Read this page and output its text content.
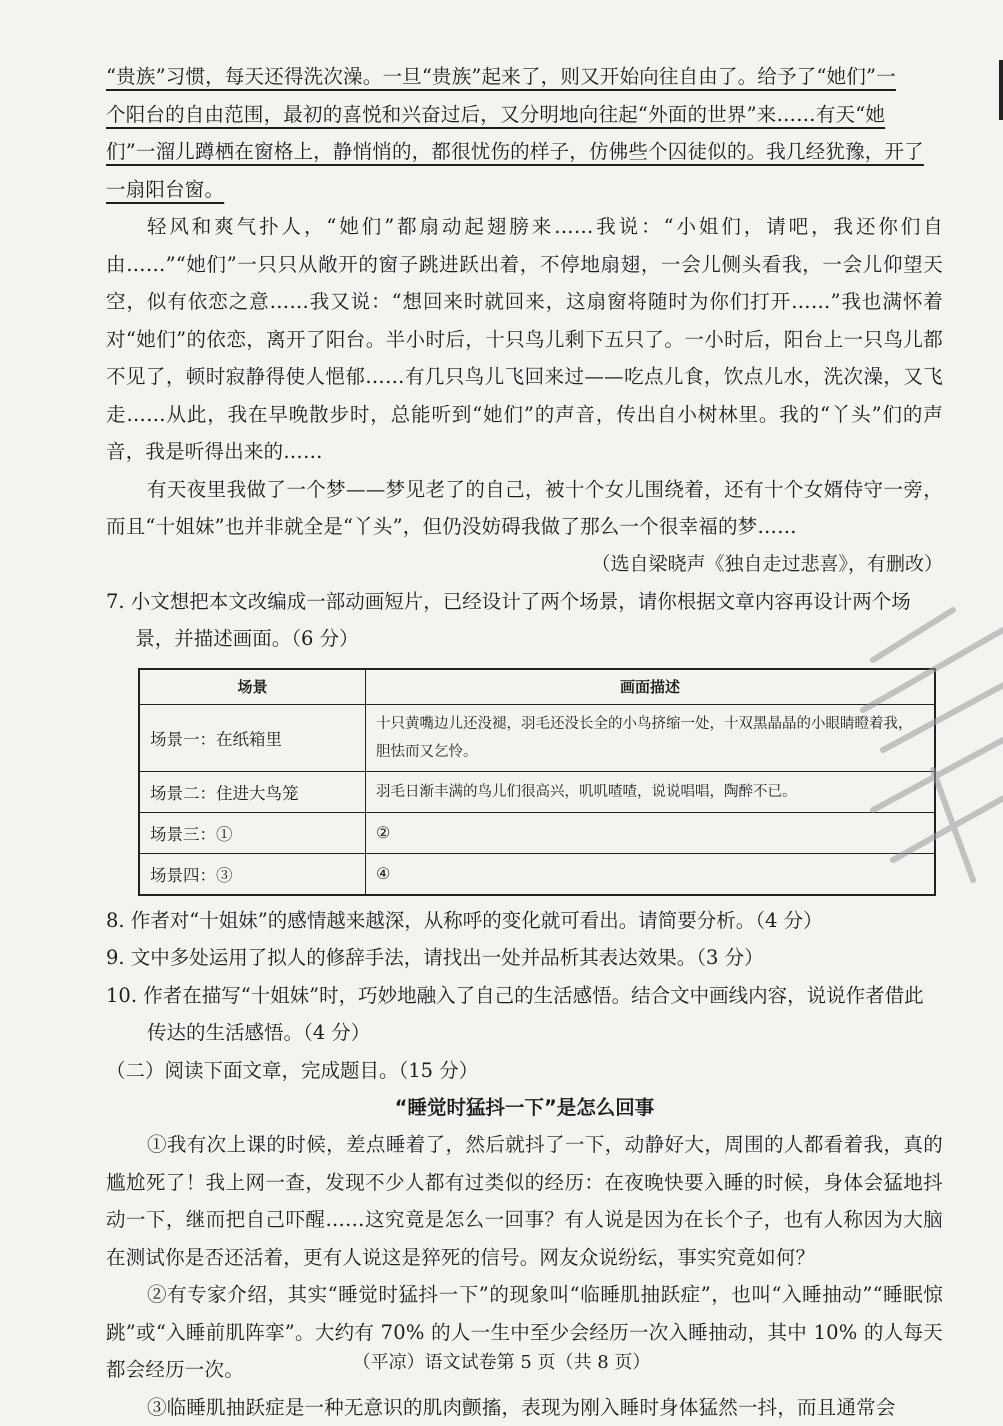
“贵族”习惯，每天还得洗次澡。一旦“贵族”起来了，则又开始向往自由了。给予了“她们”一
个阳台的自由范围，最初的喜悦和兴奋过后，又分明地向往起“外面的世界”来……有天“她
们”一溜儿蹲栖在窗格上，静悄悄的，都很忧伤的样子，仿佛些个囚徒似的。我几经犹豫，开了
一扇阳台窗。

轻风和爽气扑人，“她们”都扇动起翅膀来……我说：“小姐们，请吧，我还你们自由……”“她们”一只只从敞开的窗子跳进跃出着，不停地扇翅，一会儿侧头看我，一会儿仰望天空，似有依恋之意……我又说：“想回来时就回来，这扇窗将随时为你们打开……”我也满怀着对“她们”的依恋，离开了阳台。半小时后，十只鸟儿剩下五只了。一小时后，阳台上一只鸟儿都不见了，顿时寂静得使人悒郁……有几只鸟儿飞回来过——吃点儿食，饮点儿水，洗次澡，又飞走……从此，我在早晚散步时，总能听到“她们”的声音，传出自小树林里。我的“丫头”们的声音，我是听得出来的……

有天夜里我做了一个梦——梦见老了的自己，被十个女儿围绕着，还有十个女婿侍守一旁，而且“十姐妹”也并非就全是“丫头”，但仍没妨碍我做了那么一个很幸福的梦……

（选自梁晓声《独自走过悲喜》，有删改）

7. 小文想把本文改编成一部动画短片，已经设计了两个场景，请你根据文章内容再设计两个场景，并描述画面。（6 分）

场景	画面描述
场景一：在纸箱里	十只黄嘴边儿还没褪，羽毛还没长全的小鸟挤缩一处，十双黑晶晶的小眼睛瞪着我，胆怯而又乞怜。
场景二：住进大鸟笼	羽毛日渐丰满的鸟儿们很高兴，叽叽喳喳，说说唱唱，陶醉不已。
场景三：①	②
场景四：③	④

8. 作者对“十姐妹”的感情越来越深，从称呼的变化就可看出。请简要分析。（4 分）

9. 文中多处运用了拟人的修辞手法，请找出一处并品析其表达效果。（3 分）

10. 作者在描写“十姐妹”时，巧妙地融入了自己的生活感悟。结合文中画线内容，说说作者借此传达的生活感悟。（4 分）

（二）阅读下面文章，完成题目。（15 分）

“睡觉时猛抖一下”是怎么回事

①我有次上课的时候，差点睡着了，然后就抖了一下，动静好大，周围的人都看着我，真的尴尬死了！我上网一查，发现不少人都有过类似的经历：在夜晚快要入睡的时候，身体会猛地抖动一下，继而把自己吓醒……这究竟是怎么一回事？有人说是因为在长个子，也有人称因为大脑在测试你是否还活着，更有人说这是猝死的信号。网友众说纷纭，事实究竟如何？

②有专家介绍，其实“睡觉时猛抖一下”的现象叫“临睡肌抽跃症”，也叫“入睡抽动”“睡眠惊跳”或“入睡前肌阵挛”。大约有 70% 的人一生中至少会经历一次入睡抽动，其中 10% 的人每天都会经历一次。

③临睡肌抽跃症是一种无意识的肌肉颤搐，表现为刚入睡时身体猛然一抖，而且通常会

（平凉）语文试卷第 5 页（共 8 页）
